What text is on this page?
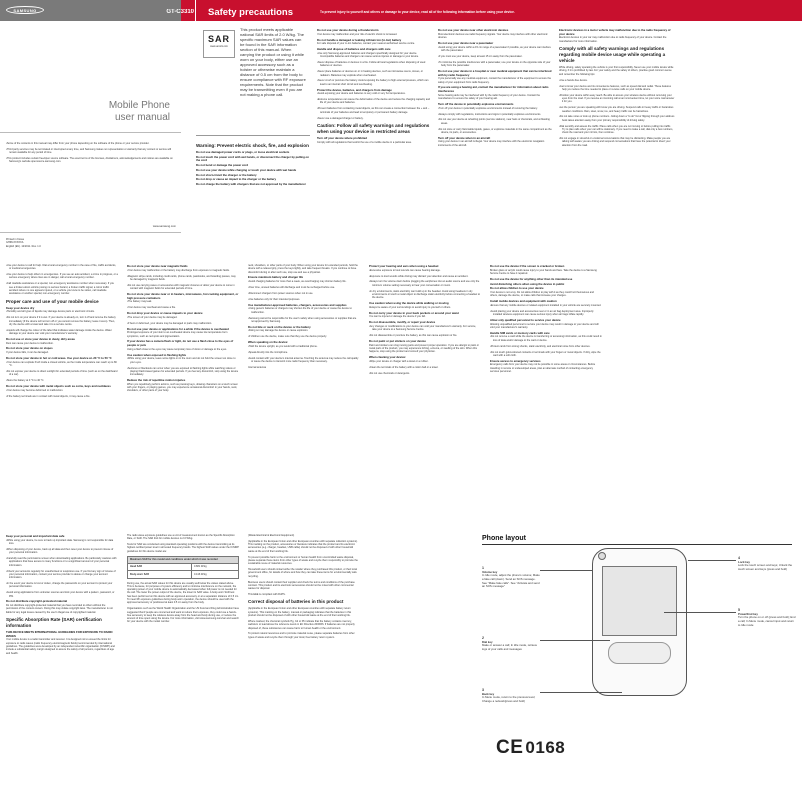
SAMSUNG	GT-C3310 Safety precautions	To prevent injury to yourself and others or damage to your device, read all of the following information before using your device.
Mobile Phone
user manual
• Some of the contents in this manual may differ from your phone depending on the software of the phone or your service provider.
• Third party services may be terminated or interrupted at any time, and Samsung makes no representation or warranty that any content or service will remain available for any period of time.
• This product includes certain free/open source software. The exact terms of the licenses, disclaimers, acknowledgements and notices are available on Samsung's website opensource.samsung.com.
www.samsung.com
Printed in Korea
GH68-XXXXXA
English (EU). 12/2011. Rev. 1.0
SAR
www.sar-tick.com
This product meets applicable national SAR limits of 2.0 W/kg. The specific maximum SAR values can be found in the SAR information section of this manual. When carrying the product or using it while worn on your body, either use an approved accessory such as a holster or otherwise maintain a distance of 0.5 cm from the body to ensure compliance with RF exposure requirements. Note that the product may be transmitting even if you are not making a phone call.
Warning: Prevent electric shock, fire, and explosion
Do not use damaged power cords or plugs, or loose electrical sockets
Do not touch the power cord with wet hands, or disconnect the charger by pulling on the cord
Do not bend or damage the power cord
Do not use your device while charging or touch your device with wet hands
Do not short-circuit the charger or the battery
Do not drop or cause an impact to the charger or the battery
Do not charge the battery with chargers that are not approved by the manufacturer
Do not use your device during a thunderstorm
Your device may malfunction and your risk of electric shock is increased.
Do not handle a damaged or leaking Lithium Ion (Li-Ion) battery
For safe disposal of your Li-Ion batteries, contact your nearest authorised service centre.
Handle and dispose of batteries and chargers with care
• Use only Samsung-approved batteries and chargers specifically designed for your device. Incompatible batteries and chargers can cause serious injuries or damage to your device.
• Never dispose of batteries or devices in a fire. Follow all local regulations when disposing of used batteries or devices.
• Never place batteries or devices on or in heating devices, such as microwave ovens, stoves, or radiators. Batteries may explode when overheated.
• Never crush or puncture the battery. Avoid exposing the battery to high external pressure, which can lead to an internal short circuit and overheating.
Protect the device, batteries, and chargers from damage
• Avoid exposing your device and batteries to very cold or very hot temperatures.
• Extreme temperatures can cause the deformation of the device and reduce the charging capacity and life of your device and batteries.
• Prevent batteries from contacting metal objects, as this can create a connection between the + and – terminals of your batteries and lead to temporary or permanent battery damage.
• Never use a damaged charger or battery.
Caution: Follow all safety warnings and regulations when using your device in restricted areas
Turn off your device where prohibited
Comply with all regulations that restrict the use of a mobile device in a particular area.
Do not use your device near other electronic devices
Most electronic devices use radio frequency signals. Your device may interfere with other electronic devices.
Do not use your device near a pacemaker
• Avoid using your device within a 15 cm range of a pacemaker if possible, as your device can interfere with the pacemaker.
• If you must use your device, keep at least 15 cm away from the pacemaker.
• To minimise the possible interference with a pacemaker, use your device on the opposite side of your body from the pacemaker.
Do not use your device in a hospital or near medical equipment that can be interfered with by radio frequency
If you personally use any medical equipment, contact the manufacturer of the equipment to ensure the safety of your equipment from radio frequency.
If you are using a hearing aid, contact the manufacturer for information about radio interference
Some hearing aids may be interfered with by the radio frequency of your device. Contact the manufacturer to ensure the safety of your hearing aid.
Turn off the device in potentially explosive environments
• Turn off your device in potentially explosive environments instead of removing the battery.
• Always comply with regulations, instructions and signs in potentially explosive environments.
• Do not use your device at refuelling points (service stations), near fuels or chemicals, and at blasting areas.
• Do not store or carry flammable liquids, gases, or explosive materials in the same compartment as the device, its parts, or accessories.
Turn off your device when in an aircraft
Using your device in an aircraft is illegal. Your device may interfere with the electronic navigation instruments of the aircraft.
Electronic devices in a motor vehicle may malfunction due to the radio frequency of your device
Electronic devices in your car may malfunction due to radio frequency of your device. Contact the manufacturer for more information.
Comply with all safety warnings and regulations regarding mobile device usage while operating a vehicle
While driving, safely operating the vehicle is your first responsibility. Never use your mobile device while driving, if it is prohibited by law. For your safety and the safety of others, practise good common sense and remember the following tips:
• Use a hands-free device.
• Get to know your device and its convenience features, such as speed dial and redial. These features help you reduce the time needed to place or receive calls on your mobile device.
• Position your device within easy reach. Be able to access your wireless device without removing your eyes from the road. If you receive an incoming call at an inconvenient time, let your voice mail answer it for you.
• Let the person you are speaking with know you are driving. Suspend calls in heavy traffic or hazardous weather conditions. Rain, sleet, snow, ice, and heavy traffic can be hazardous.
• Do not take notes or look up phone numbers. Jotting down a "to do" list or flipping through your address book takes attention away from your primary responsibility of driving safely.
• Dial sensibly and assess the traffic. Place calls when you are not moving or before pulling into traffic. Try to plan calls when your car will be stationary. If you need to make a call, dial only a few numbers, check the road and your mirrors, then continue.
• Do not engage in stressful or emotional conversations that may be distracting. Make people you are talking with aware you are driving and suspend conversations that have the potential to divert your attention from the road.
• Use your device to call for help. Dial a local emergency number in the case of fire, traffic accidents, or medical emergencies.
• Use your device to help others in emergencies. If you see an auto accident, a crime in progress, or a serious emergency where lives are in danger, call a local emergency number.
• Call roadside assistance or a special, non-emergency assistance number when necessary. If you see a broken-down vehicle posing no serious hazard, a broken traffic signal, a minor traffic accident where no one appears injured, or a vehicle you know to be stolen, call roadside assistance or another special, non-emergency number.
Proper care and use of your mobile device
Keep your device dry
• Humidity and all types of liquids may damage device parts or electronic circuits.
• Do not turn on your device if it is wet. If your device is already on, turn it off and remove the battery immediately (if the device will not turn off or you cannot remove the battery, leave it as-is). Then, dry the device with a towel and take it to a service centre.
• Liquids will change the colour of the label that indicates water damage inside the device. Water damage to your device can void your manufacturer's warranty.
Do not use or store your device in dusty, dirty areas
Dust can cause your device to malfunction.
Do not store your device on slopes
If your device falls, it can be damaged.
Do not store your device in hot or cold areas. Use your device at -20 °C to 50 °C
• Your device can explode if left inside a closed vehicle, as the inside temperature can reach up to 80 °C.
• Do not expose your device to direct sunlight for extended periods of time (such as on the dashboard of a car).
• Store the battery at 0 °C to 40 °C.
Do not store your device with metal objects such as coins, keys and necklaces
• Your device may become deformed or malfunction.
• If the battery terminals are in contact with metal objects, it may cause a fire.
Do not store your device near magnetic fields
• Your device may malfunction or the battery may discharge from exposure to magnetic fields.
• Magnetic stripe cards, including credit cards, phone cards, passbooks, and boarding passes, may be damaged by magnetic fields.
• Do not use carrying cases or accessories with magnetic closures or allow your device to come in contact with magnetic fields for extended periods of time.
Do not store your device near or in heaters, microwaves, hot cooking equipment, or high pressure containers
• The battery may leak.
• Your device may overheat and cause a fire.
Do not drop your device or cause impacts to your device
• The screen of your device may be damaged.
• If bent or deformed, your device may be damaged or parts may malfunction.
Do not use your device or applications for a while if the device is overheated
Prolonged exposure of your skin to an overheated device may cause low temperature burn symptoms, such as red spots and pigmentation.
If your device has a camera flash or light, do not use a flash close to the eyes of people or pets
Using a flash close to the eyes may cause temporary loss of vision or damage to the eyes.
Use caution when exposed to flashing lights
• While using your device, leave some lights on in the room and do not hold the screen too close to your eyes.
• Seizures or blackouts can occur when you are exposed to flashing lights while watching videos or playing Flash-based games for extended periods. If you feel any discomfort, stop using the device immediately.
Reduce the risk of repetitive motion injuries
When you repetitively perform actions, such as pressing keys, drawing characters on a touch screen with your fingers, or playing games, you may experience occasional discomfort in your hands, neck, shoulders, or other parts of your body.
neck, shoulders, or other parts of your body. When using your device for extended periods, hold the device with a relaxed grip, press the keys lightly, and take frequent breaks. If you continue to have discomfort during or after such use, stop use and see a physician.
Ensure maximum battery and charger life
• Avoid charging batteries for more than a week, as overcharging may shorten battery life.
• Over time, unused batteries will discharge and must be recharged before use.
• Disconnect chargers from power sources when not in use.
• Use batteries only for their intended purposes.
Use manufacturer-approved batteries, chargers, accessories and supplies
• Using generic batteries or chargers may shorten the life of your device or cause the device to malfunction.
• Samsung cannot be responsible for the user's safety when using accessories or supplies that are not approved by Samsung.
Do not bite or suck on the device or the battery
• Doing so may damage the device or cause explosion.
• If children use the device, make sure that they use the device properly.
When speaking on the device:
• Hold the device upright, as you would with a traditional phone.
• Speak directly into the microphone.
• Avoid contact with your device's internal antenna. Touching the antenna may reduce the call quality or cause the device to transmit more radio frequency than necessary.
Internal antenna
Protect your hearing and ears when using a headset
• Excessive exposure to loud sounds can cause hearing damage.
• Exposure to loud sounds while driving may distract your attention and cause an accident.
• Always turn the volume down before plugging the earphones into an audio source and use only the minimum volume setting necessary to hear your conversation or music.
• In dry environments, static electricity can build up in the headset. Avoid using headsets in dry environments or touch a metal object to discharge static electricity before connecting a headset to the device.
Use caution when using the device while walking or moving
Always be aware of your surroundings to avoid injury to yourself or others.
Do not carry your device in your back pockets or around your waist
You can be injured or damage the device if you fall.
Do not disassemble, modify, or repair your device
• Any changes or modifications to your device can void your manufacturer's warranty. For service, take your device to a Samsung Service Centre.
• Do not disassemble or puncture the battery, as this can cause explosion or fire.
Do not paint or put stickers on your device
Paint and stickers can clog moving parts and prevent proper operation. If you are allergic to paint or metal parts of the product, you may experience itching, eczema, or swelling of the skin. When this happens, stop using the product and consult your physician.
When cleaning your device:
• Wipe your device or charger with a towel or a rubber.
• Clean the terminals of the battery with a cotton ball or a towel.
• Do not use chemicals or detergents.
Do not use the device if the screen is cracked or broken
Broken glass or acrylic could cause injury to your hands and face. Take the device to a Samsung Service Centre to have it repaired.
Do not use the device for anything other than its intended use
Avoid disturbing others when using the device in public
Do not allow children to use your device
Your device is not a toy. Do not allow children to play with it as they could hurt themselves and others, damage the device, or make calls that increase your charges.
Install mobile devices and equipment with caution
• Ensure that any mobile devices or related equipment installed in your vehicle are securely mounted.
• Avoid placing your device and accessories near or in an air bag deployment area. Improperly installed wireless equipment can cause serious injury when air bags inflate rapidly.
Allow only qualified personnel to service your device
Allowing unqualified personnel to service your device may result in damage to your device and will void your manufacturer's warranty.
Handle SIM cards or memory cards with care
• Do not remove a card while the device is transferring or accessing information, as this could result in loss of data and/or damage to the card or device.
• Protect cards from strong shocks, static electricity, and electrical noise from other devices.
• Do not touch gold-coloured contacts or terminals with your fingers or metal objects. If dirty, wipe the card with a soft cloth.
Ensure access to emergency services
Emergency calls from your device may not be possible in some areas or circumstances. Before travelling in remote or undeveloped areas, plan an alternate method of contacting emergency services personnel.
Keep your personal and important data safe
• While using your device, be sure to back up important data. Samsung is not responsible for data loss.
• When disposing of your device, back up all data and then reset your device to prevent misuse of your personal information.
• Carefully read the permissions screen when downloading applications. Be particularly cautious with applications that have access to many functions or to a significant amount of your personal information.
• Check your accounts regularly for unauthorised or suspicious use. If you find any sign of misuse of your personal information, contact your service provider to delete or change your account information.
• In the event your device is lost or stolen, change the passwords on your account to protect your personal information.
• Avoid using applications from unknown sources and lock your device with a pattern, password, or PIN.
Do not distribute copyright-protected material
Do not distribute copyright-protected material that you have recorded to others without the permission of the content owners. Doing this may violate copyright laws. The manufacturer is not liable for any legal issues caused by the user's illegal use of copyrighted material.
Specific Absorption Rate (SAR) certification information
THIS DEVICE MEETS INTERNATIONAL GUIDELINES FOR EXPOSURE TO RADIO WAVES
Your mobile device is a radio transmitter and receiver. It is designed not to exceed the limits for exposure to radio waves (radio frequency electromagnetic fields) recommended by international guidelines. The guidelines were developed by an independent scientific organisation (ICNIRP) and include a substantial safety margin designed to assure the safety of all persons, regardless of age and health.
The radio wave exposure guidelines use a unit of measurement known as the Specific Absorption Rate, or SAR. The SAR limit for mobile devices is 2.0 W/kg.
Tests for SAR are conducted using standard operating positions with the device transmitting at its highest certified power level in all tested frequency bands. The highest SAR values under the ICNIRP guidelines for this device model are:
Maximum SAR for this model and conditions under which it was recorded	
Head SAR	0.881 W/kg
Body-worn SAR	0.416 W/kg
During use, the actual SAR values for this device are usually well below the values stated above. This is because, for purposes of system efficiency and to minimise interference on the network, the operating power of your mobile device is automatically decreased when full power is not needed for the call. The lower the power output of the device, the lower its SAR value. A body-worn SAR test has been performed on this device with an approved accessory or at a separation distance of 0.5 cm. To meet RF exposure guidelines during body-worn operation, the device should be used with the approved accessory or positioned at least 0.5 cm away from the body.
Organisations such as the World Health Organization and the US Food and Drug Administration have suggested that if people are concerned and want to reduce their exposure, they could use a hands-free accessory to keep the wireless device away from the head and body during use, or reduce the amount of time spent using the device. For more information, visit www.samsung.com/sar and search for your device with the model number.
(Waste Electrical & Electronic Equipment)
(Applicable in the European Union and other European countries with separate collection systems). This marking on the product, accessories or literature indicates that the product and its electronic accessories (e.g. charger, headset, USB cable) should not be disposed of with other household waste at the end of their working life.
To prevent possible harm to the environment or human health from uncontrolled waste disposal, please separate these items from other types of waste and recycle them responsibly to promote the sustainable reuse of material resources.
Household users should contact either the retailer where they purchased this product, or their local government office, for details of where and how they can take these items for environmentally safe recycling.
Business users should contact their supplier and check the terms and conditions of the purchase contract. This product and its electronic accessories should not be mixed with other commercial wastes for disposal.
This EEE is compliant with RoHS.
Correct disposal of batteries in this product
(Applicable in the European Union and other European countries with separate battery return systems). This marking on the battery, manual or packaging indicates that the batteries in this product should not be disposed of with other household waste at the end of their working life.
Where marked, the chemical symbols Hg, Cd or Pb indicate that the battery contains mercury, cadmium or lead above the reference levels in EC Directive 2006/66. If batteries are not properly disposed of, these substances can cause harm to human health or the environment.
To protect natural resources and to promote material reuse, please separate batteries from other types of waste and recycle them through your local, free battery return system.
Phone layout
1
Volume key
In Idle mode, adjust the phone's volume; Make a fake call (down). Send an SOS message. See "Make fake calls". See "Activate and send an SOS message"
2
Dial key
Make or answer a call; In Idle mode, retrieve logs of your calls and messages
3
Back key
In Menu mode, return to the previous level; Change a network(press and hold)
4
Lock key
Lock the touch screen and keys; Unlock the touch screen and keys (press and hold)
5
Power/End key
Turn the phone on or off (press and hold); End a call; In Menu mode, cancel input and return to Idle mode
CE 0168
